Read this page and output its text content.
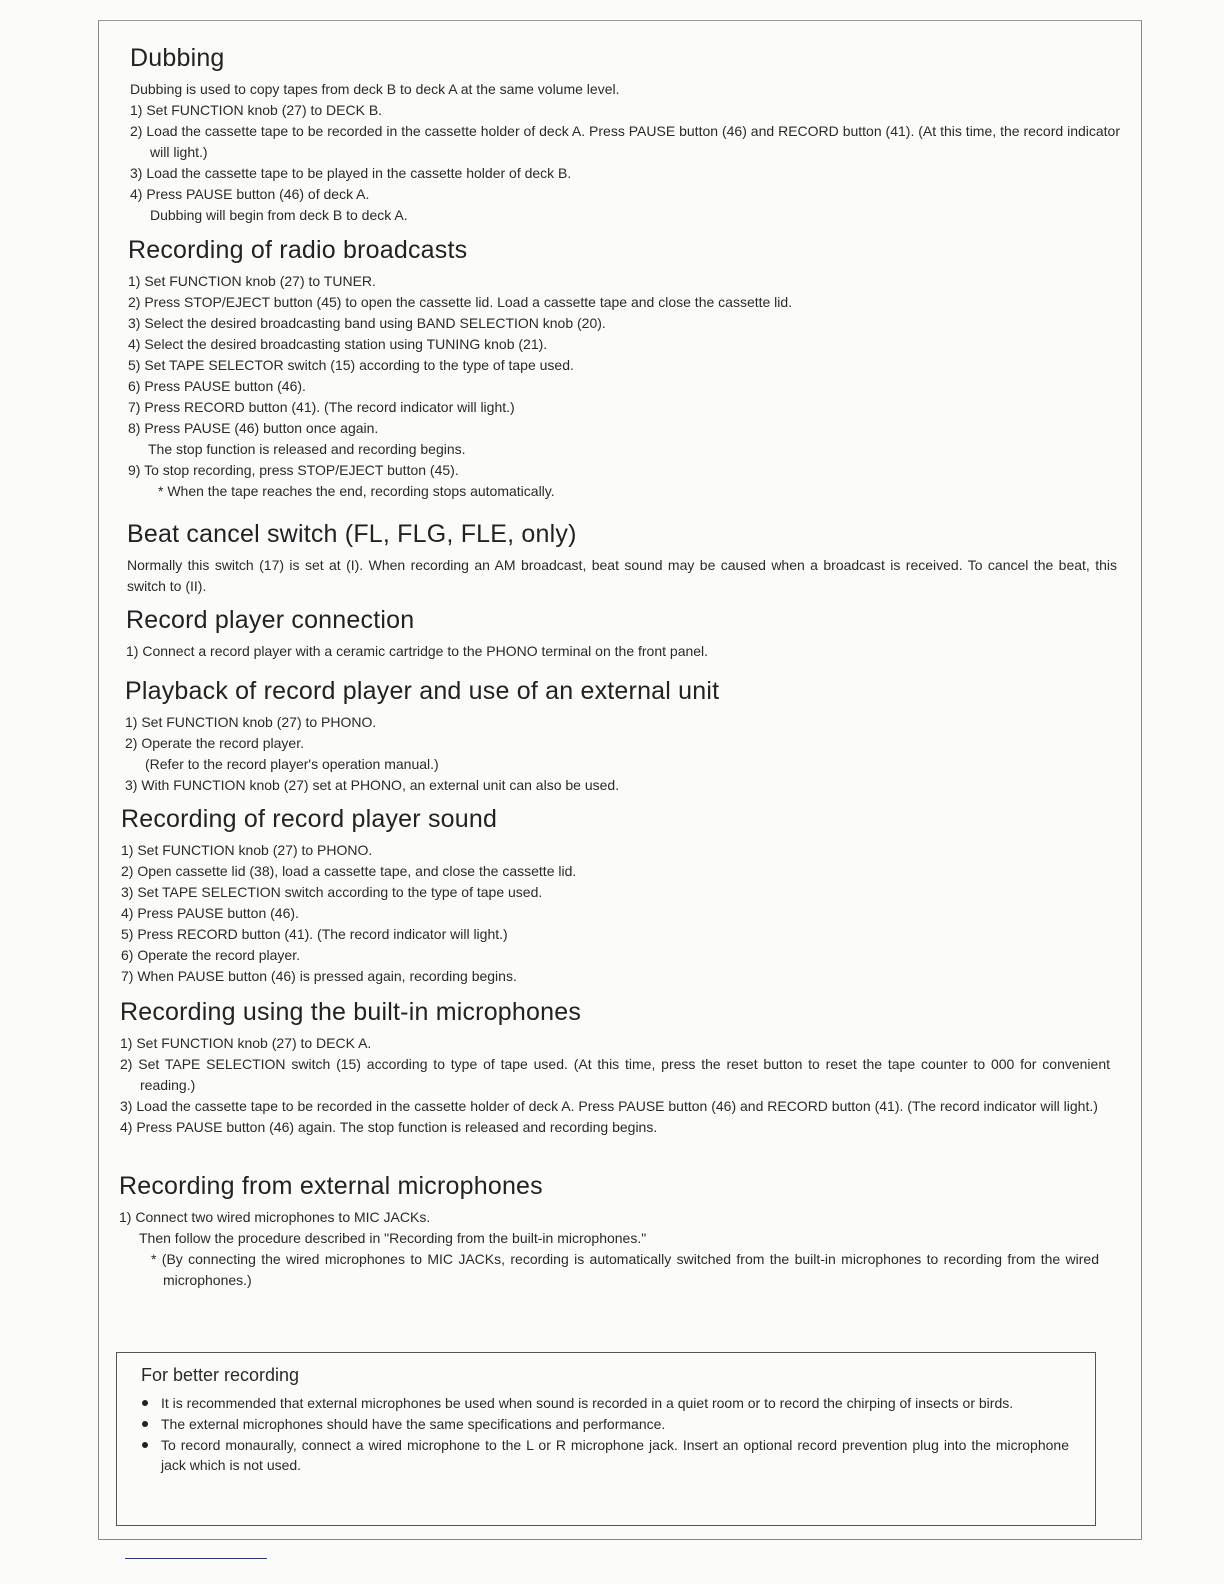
Dubbing
Dubbing is used to copy tapes from deck B to deck A at the same volume level.
1) Set FUNCTION knob (27) to DECK B.
2) Load the cassette tape to be recorded in the cassette holder of deck A. Press PAUSE button (46) and RECORD button (41). (At this time, the record indicator will light.)
3) Load the cassette tape to be played in the cassette holder of deck B.
4) Press PAUSE button (46) of deck A.
Dubbing will begin from deck B to deck A.
Recording of radio broadcasts
1) Set FUNCTION knob (27) to TUNER.
2) Press STOP/EJECT button (45) to open the cassette lid. Load a cassette tape and close the cassette lid.
3) Select the desired broadcasting band using BAND SELECTION knob (20).
4) Select the desired broadcasting station using TUNING knob (21).
5) Set TAPE SELECTOR switch (15) according to the type of tape used.
6) Press PAUSE button (46).
7) Press RECORD button (41). (The record indicator will light.)
8) Press PAUSE (46) button once again.
The stop function is released and recording begins.
9) To stop recording, press STOP/EJECT button (45).
* When the tape reaches the end, recording stops automatically.
Beat cancel switch (FL, FLG, FLE, only)
Normally this switch (17) is set at (I). When recording an AM broadcast, beat sound may be caused when a broadcast is received. To cancel the beat, this switch to (II).
Record player connection
1) Connect a record player with a ceramic cartridge to the PHONO terminal on the front panel.
Playback of record player and use of an external unit
1) Set FUNCTION knob (27) to PHONO.
2) Operate the record player.
(Refer to the record player's operation manual.)
3) With FUNCTION knob (27) set at PHONO, an external unit can also be used.
Recording of record player sound
1) Set FUNCTION knob (27) to PHONO.
2) Open cassette lid (38), load a cassette tape, and close the cassette lid.
3) Set TAPE SELECTION switch according to the type of tape used.
4) Press PAUSE button (46).
5) Press RECORD button (41). (The record indicator will light.)
6) Operate the record player.
7) When PAUSE button (46) is pressed again, recording begins.
Recording using the built-in microphones
1) Set FUNCTION knob (27) to DECK A.
2) Set TAPE SELECTION switch (15) according to type of tape used. (At this time, press the reset button to reset the tape counter to 000 for convenient reading.)
3) Load the cassette tape to be recorded in the cassette holder of deck A. Press PAUSE button (46) and RECORD button (41). (The record indicator will light.)
4) Press PAUSE button (46) again. The stop function is released and recording begins.
Recording from external microphones
1) Connect two wired microphones to MIC JACKs.
Then follow the procedure described in "Recording from the built-in microphones."
* (By connecting the wired microphones to MIC JACKs, recording is automatically switched from the built-in microphones to recording from the wired microphones.)
For better recording
It is recommended that external microphones be used when sound is recorded in a quiet room or to record the chirping of insects or birds.
The external microphones should have the same specifications and performance.
To record monaurally, connect a wired microphone to the L or R microphone jack. Insert an optional record prevention plug into the microphone jack which is not used.
